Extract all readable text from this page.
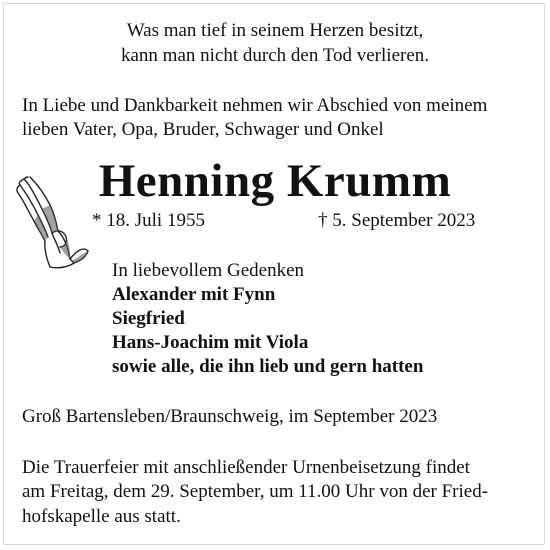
Was man tief in seinem Herzen besitzt,
kann man nicht durch den Tod verlieren.
In Liebe und Dankbarkeit nehmen wir Abschied von meinem
lieben Vater, Opa, Bruder, Schwager und Onkel
Henning Krumm
* 18. Juli 1955	† 5. September 2023
In liebevollem Gedenken
Alexander mit Fynn
Siegfried
Hans-Joachim mit Viola
sowie alle, die ihn lieb und gern hatten
Groß Bartensleben/Braunschweig, im September 2023
Die Trauerfeier mit anschließender Urnenbeisetzung findet
am Freitag, dem 29. September, um 11.00 Uhr von der Fried-
hofskapelle aus statt.
